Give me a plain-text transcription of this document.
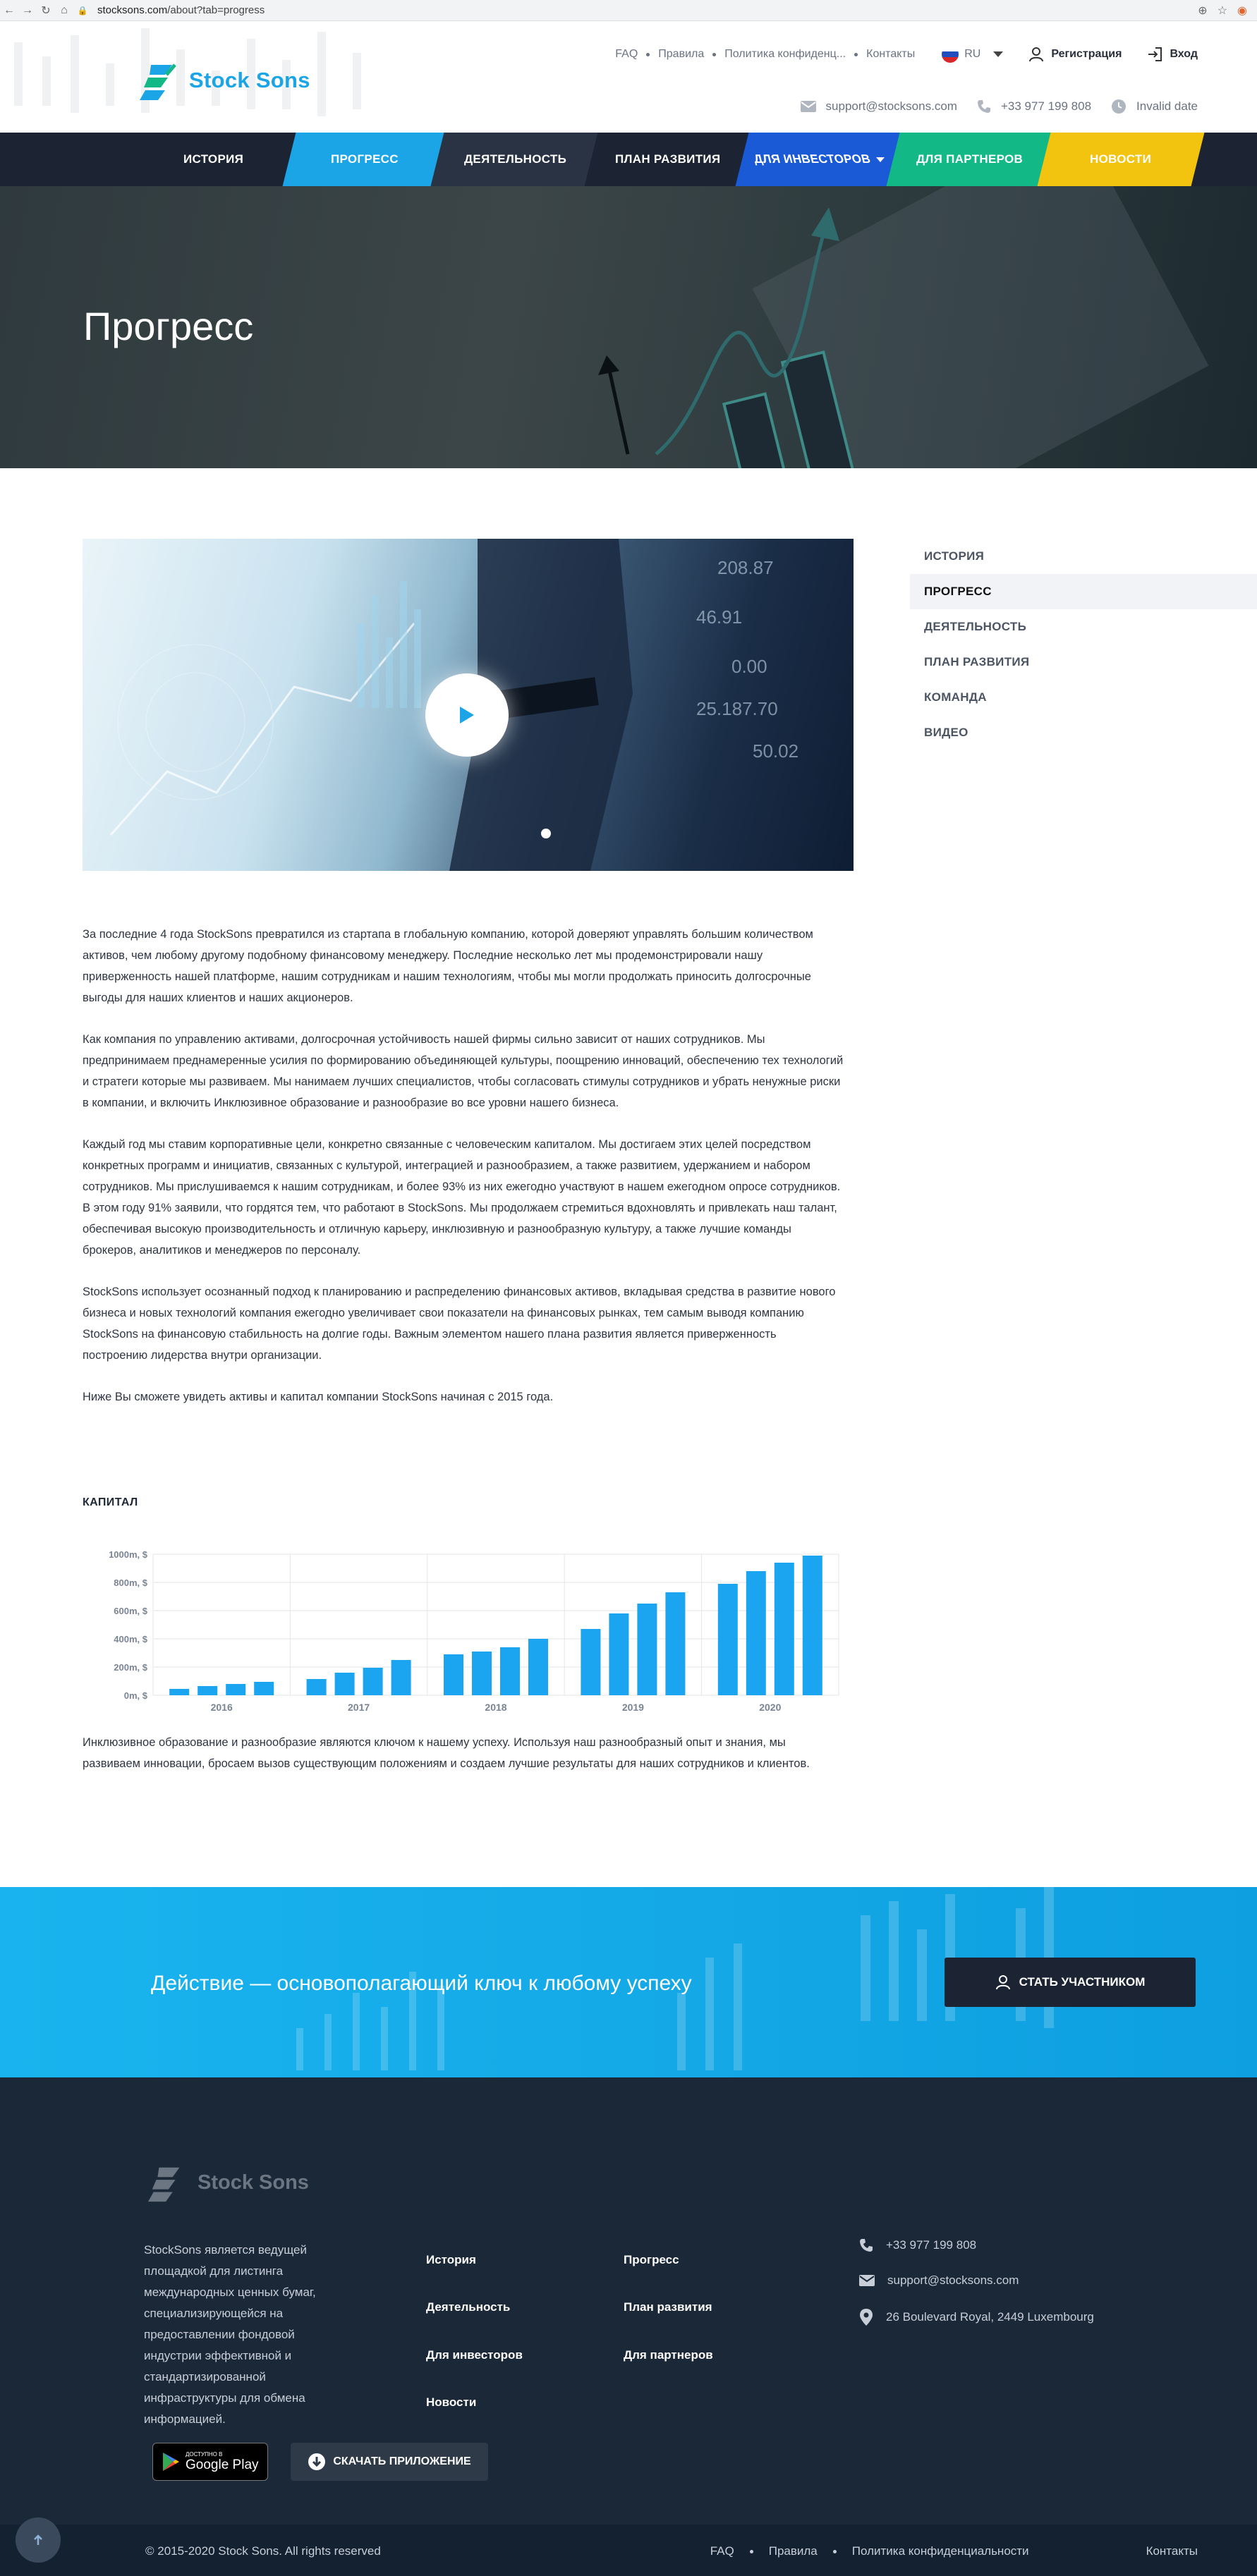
← → ↻ ⌂	🔒 stocksons.com/about?tab=progress	⊕ ☆ ◉
Stock Sons
FAQ Правила Политика конфиденц... Контакты	RU	Регистрация	Вход
support@stocksons.com	+33 977 199 808	Invalid date
ИСТОРИЯ	ПРОГРЕСС	ДЕЯТЕЛЬНОСТЬ	ПЛАН РАЗВИТИЯ	ДЛЯ ИНВЕСТОРОВ	ДЛЯ ПАРТНЕРОВ	НОВОСТИ
Прогресс
208.87
46.91
0.00
25.187.70
50.02
ИСТОРИЯ
ПРОГРЕСС
ДЕЯТЕЛЬНОСТЬ
ПЛАН РАЗВИТИЯ
КОМАНДА
ВИДЕО

За последние 4 года StockSons превратился из стартапа в глобальную компанию, которой доверяют управлять большим количеством активов, чем любому другому подобному финансовому менеджеру. Последние несколько лет мы продемонстрировали нашу приверженность нашей платформе, нашим сотрудникам и нашим технологиям, чтобы мы могли продолжать приносить долгосрочные выгоды для наших клиентов и наших акционеров.

Как компания по управлению активами, долгосрочная устойчивость нашей фирмы сильно зависит от наших сотрудников. Мы предпринимаем преднамеренные усилия по формированию объединяющей культуры, поощрению инноваций, обеспечению тех технологий и стратеги которые мы развиваем. Мы нанимаем лучших специалистов, чтобы согласовать стимулы сотрудников и убрать ненужные риски в компании, и включить Инклюзивное образование и разнообразие во все уровни нашего бизнеса.

Каждый год мы ставим корпоративные цели, конкретно связанные с человеческим капиталом. Мы достигаем этих целей посредством конкретных программ и инициатив, связанных с культурой, интеграцией и разнообразием, а также развитием, удержанием и набором сотрудников. Мы прислушиваемся к нашим сотрудникам, и более 93% из них ежегодно участвуют в нашем ежегодном опросе сотрудников. В этом году 91% заявили, что гордятся тем, что работают в StockSons. Мы продолжаем стремиться вдохновлять и привлекать наш талант, обеспечивая высокую производительность и отличную карьеру, инклюзивную и разнообразную культуру, а также лучшие команды брокеров, аналитиков и менеджеров по персоналу.

StockSons использует осознанный подход к планированию и распределению финансовых активов, вкладывая средства в развитие нового бизнеса и новых технологий компания ежегодно увеличивает свои показатели на финансовых рынках, тем самым выводя компанию StockSons на финансовую стабильность на долгие годы. Важным элементом нашего плана развития является приверженность построению лидерства внутри организации.

Ниже Вы сможете увидеть активы и капитал компании StockSons начиная с 2015 года.

КАПИТАЛ
0m, $
200m, $
400m, $
600m, $
800m, $
1000m, $
2016	2017	2018	2019	2020
Инклюзивное образование и разнообразие являются ключом к нашему успеху. Используя наш разнообразный опыт и знания, мы развиваем инновации, бросаем вызов существующим положениям и создаем лучшие результаты для наших сотрудников и клиентов.
Действие — основополагающий ключ к любому успеху	СТАТЬ УЧАСТНИКОМ
Stock Sons
StockSons является ведущей площадкой для листинга международных ценных бумаг, специализирующейся на предоставлении фондовой индустрии эффективной и стандартизированной инфраструктуры для обмена информацией.
История
Деятельность
Для инвесторов
Новости
Прогресс
План развития
Для партнеров
+33 977 199 808
support@stocksons.com
26 Boulevard Royal, 2449 Luxembourg
ДОСТУПНО В
Google Play	СКАЧАТЬ ПРИЛОЖЕНИЕ
© 2015-2020 Stock Sons. All rights reserved	FAQ	Правила	Политика конфиденциальности	Контакты
